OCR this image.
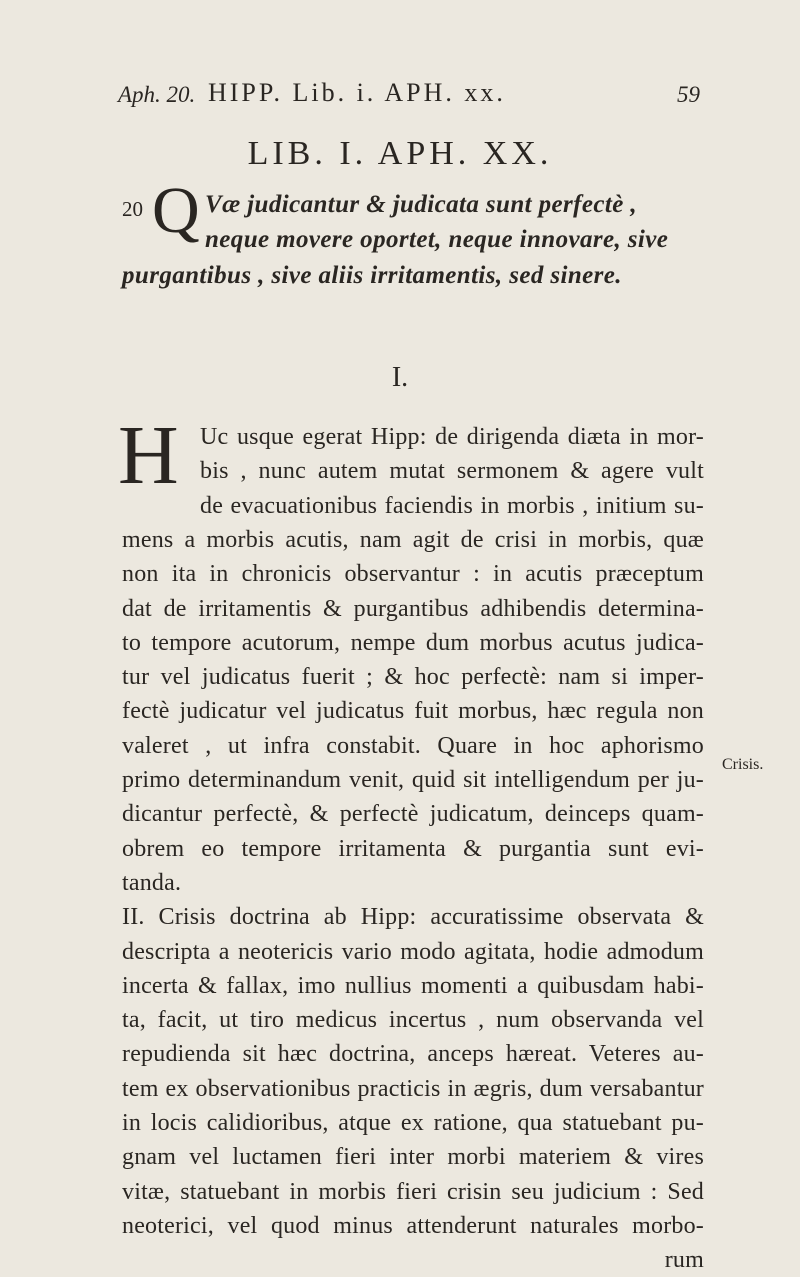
Aph. 20. HIPP. Lib. i. APH. xx.	59
LIB. I. APH. XX.
20 Q Væ judicantur & judicata sunt perfectè ,
neque movere oportet, neque innovare, sive
purgantibus , sive aliis irritamentis, sed sinere.
I.
H Uc usque egerat Hipp: de dirigenda diæta in mor-
bis , nunc autem mutat sermonem & agere vult
de evacuationibus faciendis in morbis , initium su-
mens a morbis acutis, nam agit de crisi in morbis, quæ
non ita in chronicis observantur : in acutis præceptum
dat de irritamentis & purgantibus adhibendis determina-
to tempore acutorum, nempe dum morbus acutus judica-
tur vel judicatus fuerit ; & hoc perfectè: nam si imper-
fectè judicatur vel judicatus fuit morbus, hæc regula non
valeret , ut infra constabit. Quare in hoc aphorismo
primo determinandum venit, quid sit intelligendum per ju-
dicantur perfectè, & perfectè judicatum, deinceps quam-
obrem eo tempore irritamenta & purgantia sunt evi-
tanda.
II. Crisis doctrina ab Hipp: accuratissime observata &
descripta a neotericis vario modo agitata, hodie admodum
incerta & fallax, imo nullius momenti a quibusdam habi-
ta, facit, ut tiro medicus incertus , num observanda vel
repudienda sit hæc doctrina, anceps hæreat. Veteres au-
tem ex observationibus practicis in ægris, dum versabantur
in locis calidioribus, atque ex ratione, qua statuebant pu-
gnam vel luctamen fieri inter morbi materiem & vires
vitæ, statuebant in morbis fieri crisin seu judicium : Sed
neoterici, vel quod minus attenderunt naturales morbo-
rum
Crisis.
